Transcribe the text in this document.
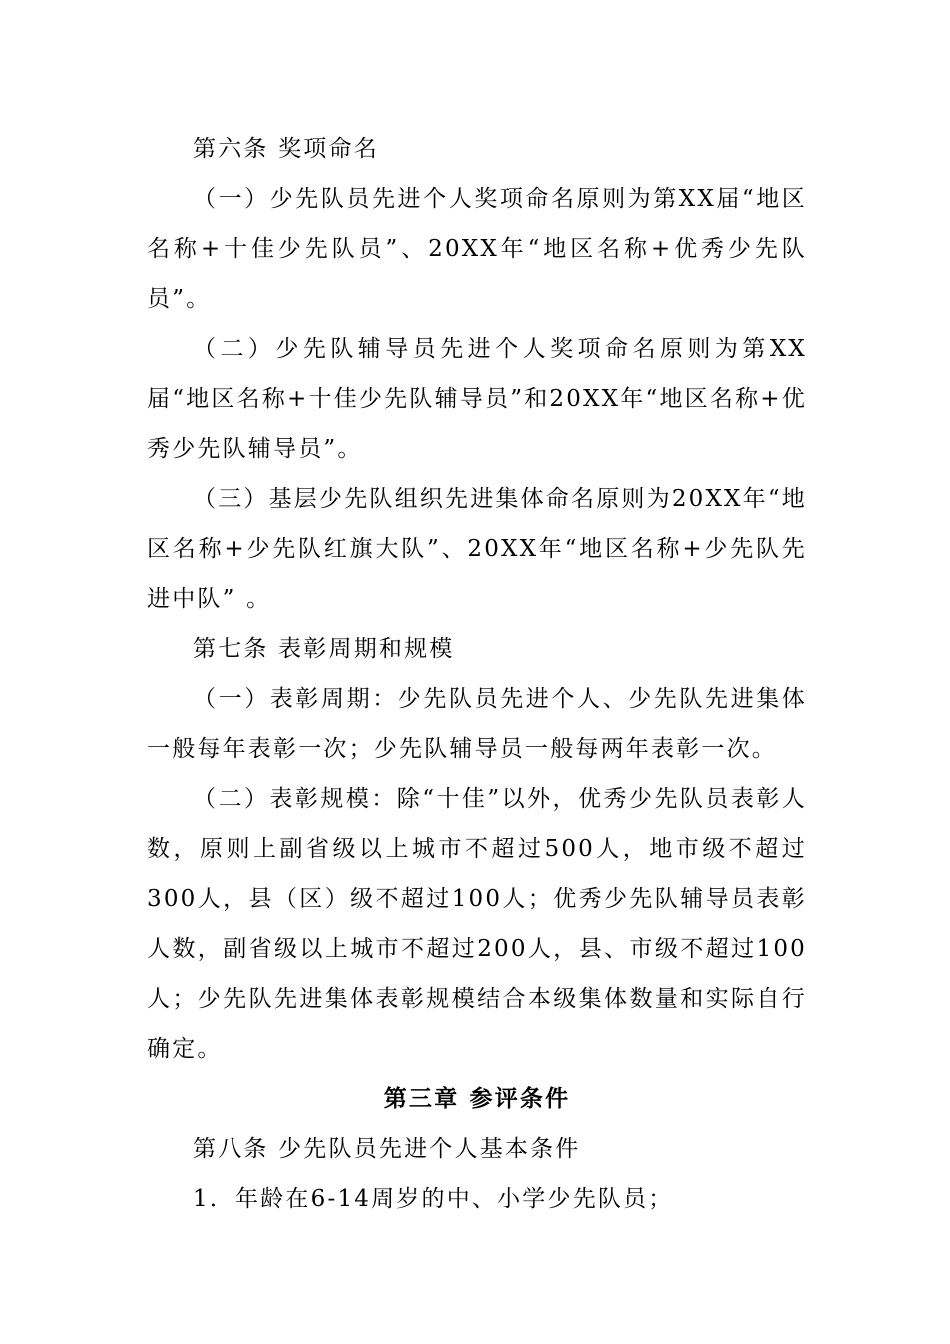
第六条 奖项命名

（一）少先队员先进个人奖项命名原则为第XX届“地区名称+十佳少先队员”、20XX年“地区名称+优秀少先队员”。

（二）少先队辅导员先进个人奖项命名原则为第XX届“地区名称+十佳少先队辅导员”和20XX年“地区名称+优秀少先队辅导员”。

（三）基层少先队组织先进集体命名原则为20XX年“地区名称+少先队红旗大队”、20XX年“地区名称+少先队先进中队” 。

第七条 表彰周期和规模

（一）表彰周期：少先队员先进个人、少先队先进集体一般每年表彰一次；少先队辅导员一般每两年表彰一次。

（二）表彰规模：除“十佳”以外，优秀少先队员表彰人数，原则上副省级以上城市不超过500人，地市级不超过300人，县（区）级不超过100人；优秀少先队辅导员表彰人数，副省级以上城市不超过200人，县、市级不超过100人；少先队先进集体表彰规模结合本级集体数量和实际自行确定。

第三章 参评条件

第八条 少先队员先进个人基本条件

1．年龄在6-14周岁的中、小学少先队员；
